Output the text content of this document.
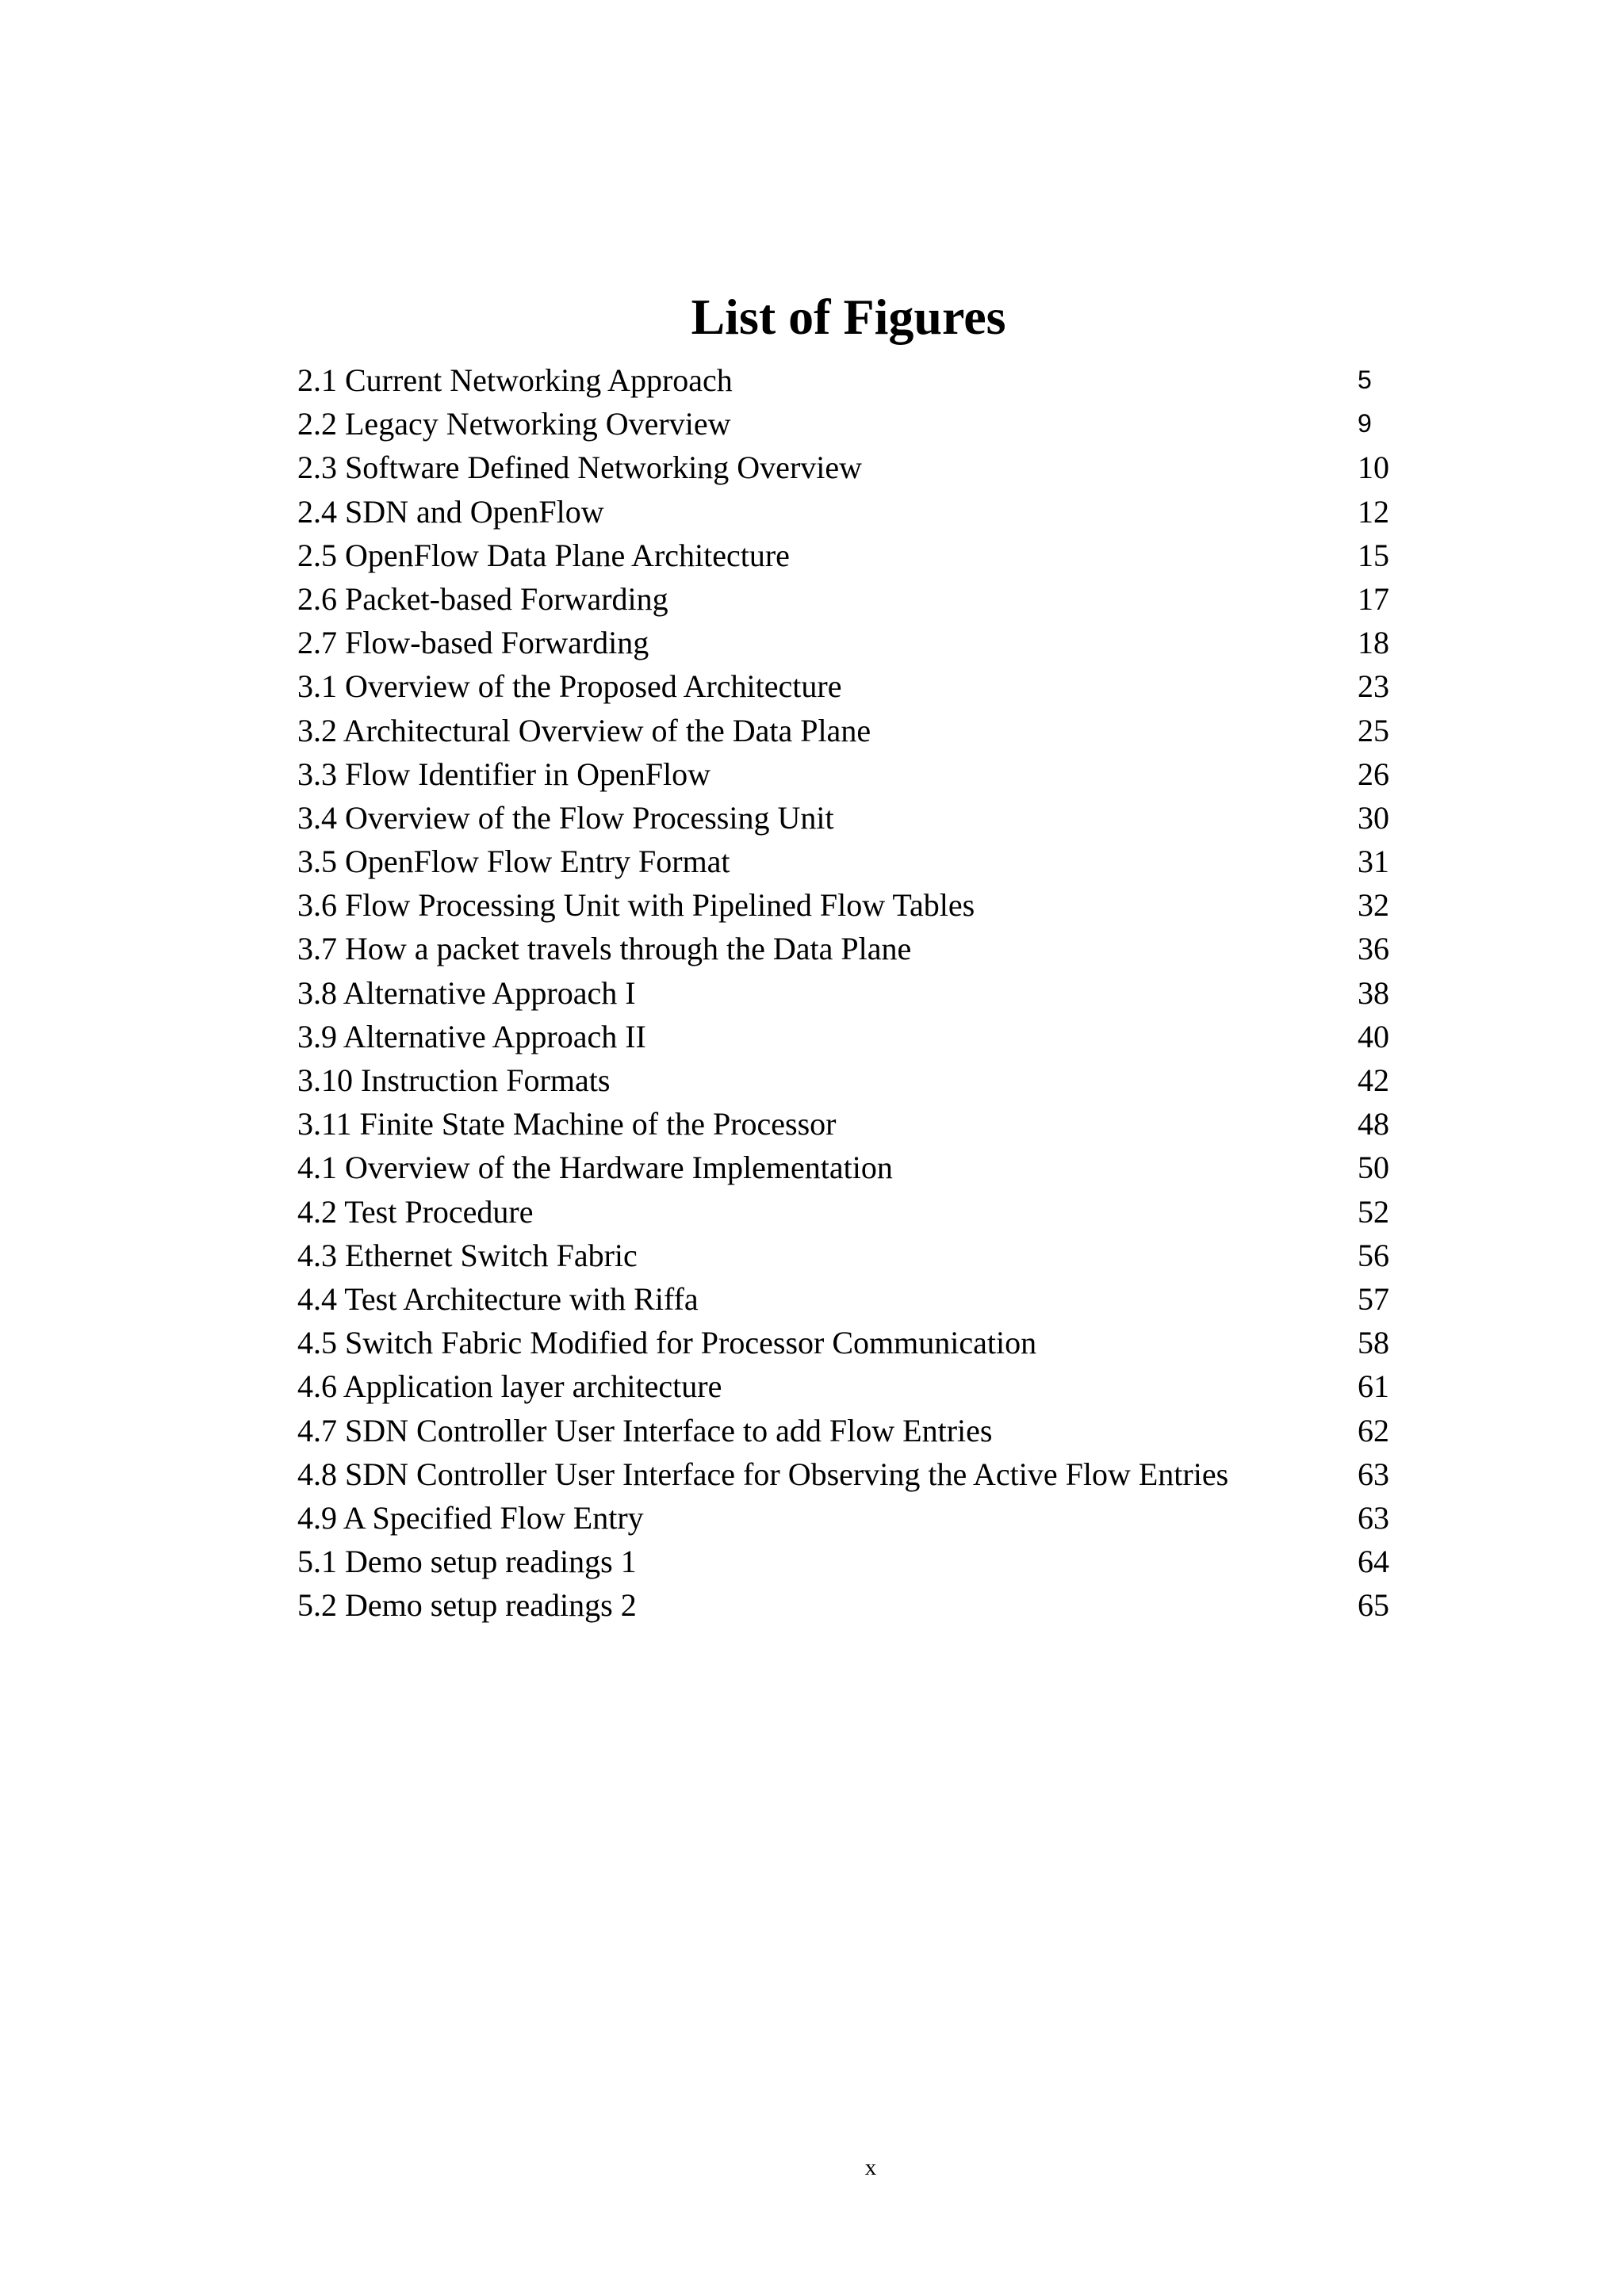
List of Figures
2.1 Current Networking Approach	5
2.2 Legacy Networking Overview	9
2.3 Software Defined Networking Overview	10
2.4 SDN and OpenFlow	12
2.5 OpenFlow Data Plane Architecture	15
2.6 Packet-based Forwarding	17
2.7 Flow-based Forwarding	18
3.1 Overview of the Proposed Architecture	23
3.2 Architectural Overview of the Data Plane	25
3.3 Flow Identifier in OpenFlow	26
3.4 Overview of the Flow Processing Unit	30
3.5 OpenFlow Flow Entry Format	31
3.6 Flow Processing Unit with Pipelined Flow Tables	32
3.7 How a packet travels through the Data Plane	36
3.8 Alternative Approach I	38
3.9 Alternative Approach II	40
3.10 Instruction Formats	42
3.11 Finite State Machine of the Processor	48
4.1 Overview of the Hardware Implementation	50
4.2 Test Procedure	52
4.3 Ethernet Switch Fabric	56
4.4 Test Architecture with Riffa	57
4.5 Switch Fabric Modified for Processor Communication	58
4.6 Application layer architecture	61
4.7 SDN Controller User Interface to add Flow Entries	62
4.8 SDN Controller User Interface for Observing the Active Flow Entries	63
4.9 A Specified Flow Entry	63
5.1 Demo setup readings 1	64
5.2 Demo setup readings 2	65
x
